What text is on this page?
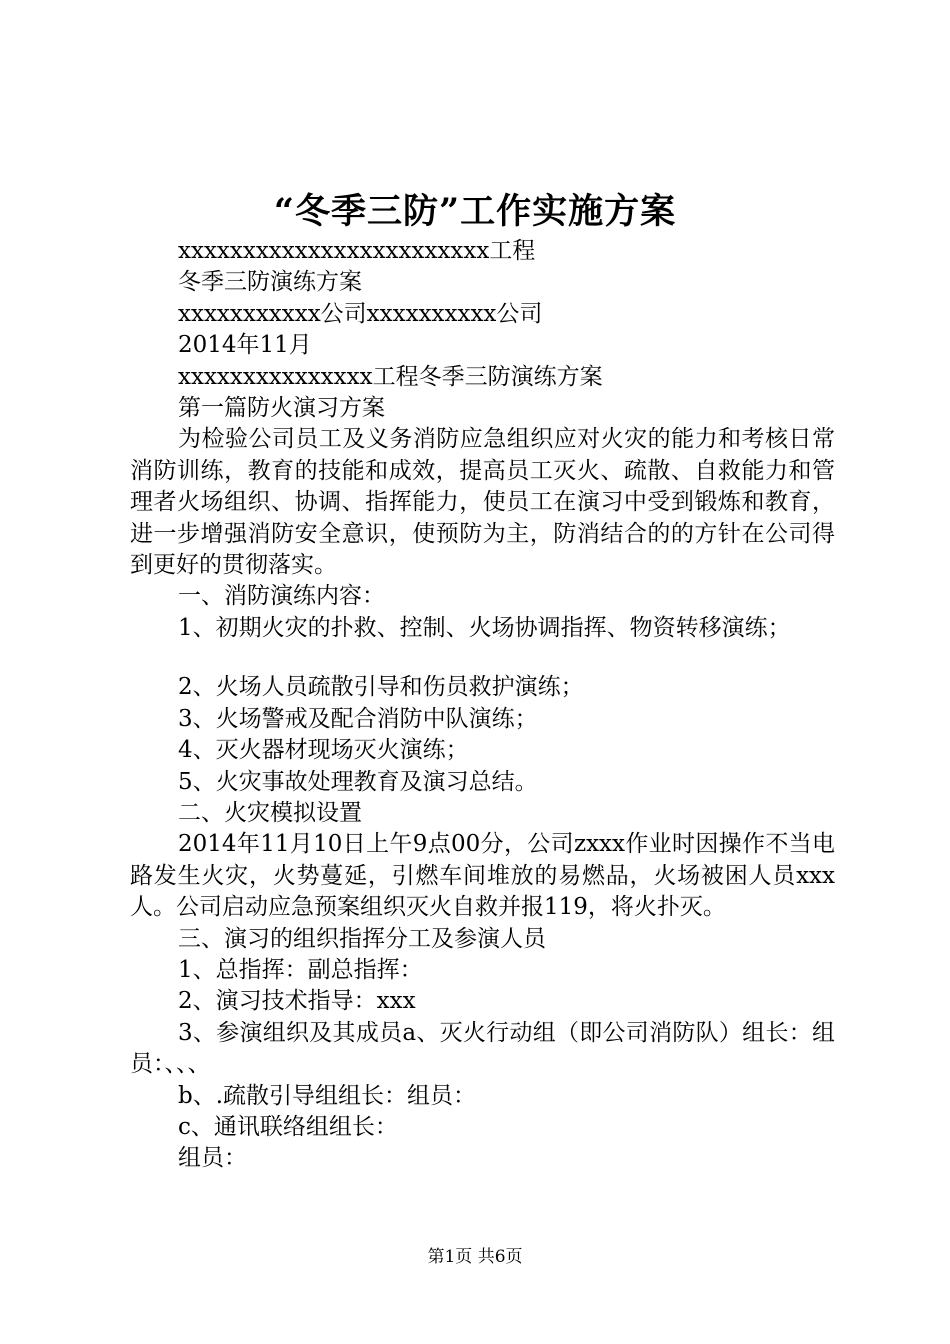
“冬季三防”工作实施方案

xxxxxxxxxxxxxxxxxxxxxxxx工程

冬季三防演练方案

xxxxxxxxxxx公司xxxxxxxxxx公司

2014年11月

xxxxxxxxxxxxxxx工程冬季三防演练方案

第一篇防火演习方案

为检验公司员工及义务消防应急组织应对火灾的能力和考核日常消防训练，教育的技能和成效，提高员工灭火、疏散、自救能力和管理者火场组织、协调、指挥能力，使员工在演习中受到锻炼和教育，进一步增强消防安全意识，使预防为主，防消结合的的方针在公司得到更好的贯彻落实。

一、消防演练内容：

1、初期火灾的扑救、控制、火场协调指挥、物资转移演练；

2、火场人员疏散引导和伤员救护演练；

3、火场警戒及配合消防中队演练；

4、灭火器材现场灭火演练；

5、火灾事故处理教育及演习总结。

二、火灾模拟设置

2014年11月10日上午9点00分，公司zxxx作业时因操作不当电路发生火灾，火势蔓延，引燃车间堆放的易燃品，火场被困人员xxx人。公司启动应急预案组织灭火自救并报119，将火扑灭。

三、演习的组织指挥分工及参演人员

1、总指挥：副总指挥：

2、演习技术指导：xxx

3、参演组织及其成员a、灭火行动组（即公司消防队）组长：组员：、、、

b、.疏散引导组组长：组员：

c、通讯联络组组长：

组员：

第1页 共6页
